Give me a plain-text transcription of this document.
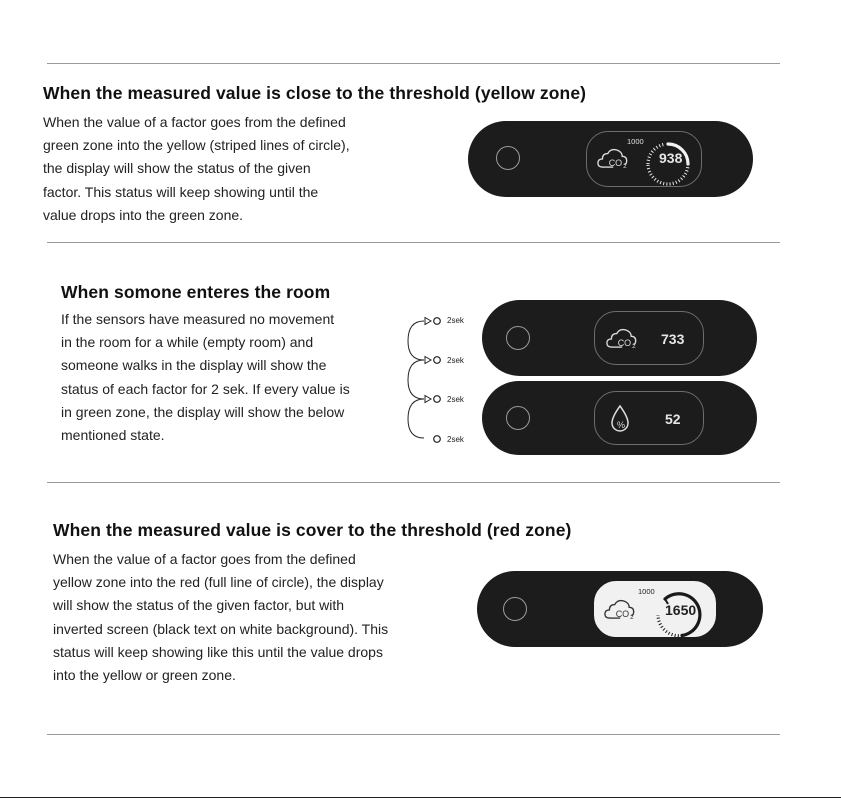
When the measured value is close to the threshold (yellow zone)
When the value of a factor goes from the defined
green zone into the yellow (striped lines of circle),
the display will show the status of the given
factor. This status will keep showing until the
value drops into the green zone.
1000
938
When somone enteres the room
If the sensors have measured no movement
in the room for a while (empty room) and
someone walks in the display will show the
status of each factor for 2 sek. If every value is
in green zone, the display will show the below
mentioned state.
2sek
2sek
2sek
2sek
733
%	52
When the measured value is cover to the threshold (red zone)
When the value of a factor goes from the defined
yellow zone into the red (full line of circle), the display
will show the status of the given factor, but with
inverted screen (black text on white background). This
status will keep showing like this until the value drops
into the yellow or green zone.
1000
1650
